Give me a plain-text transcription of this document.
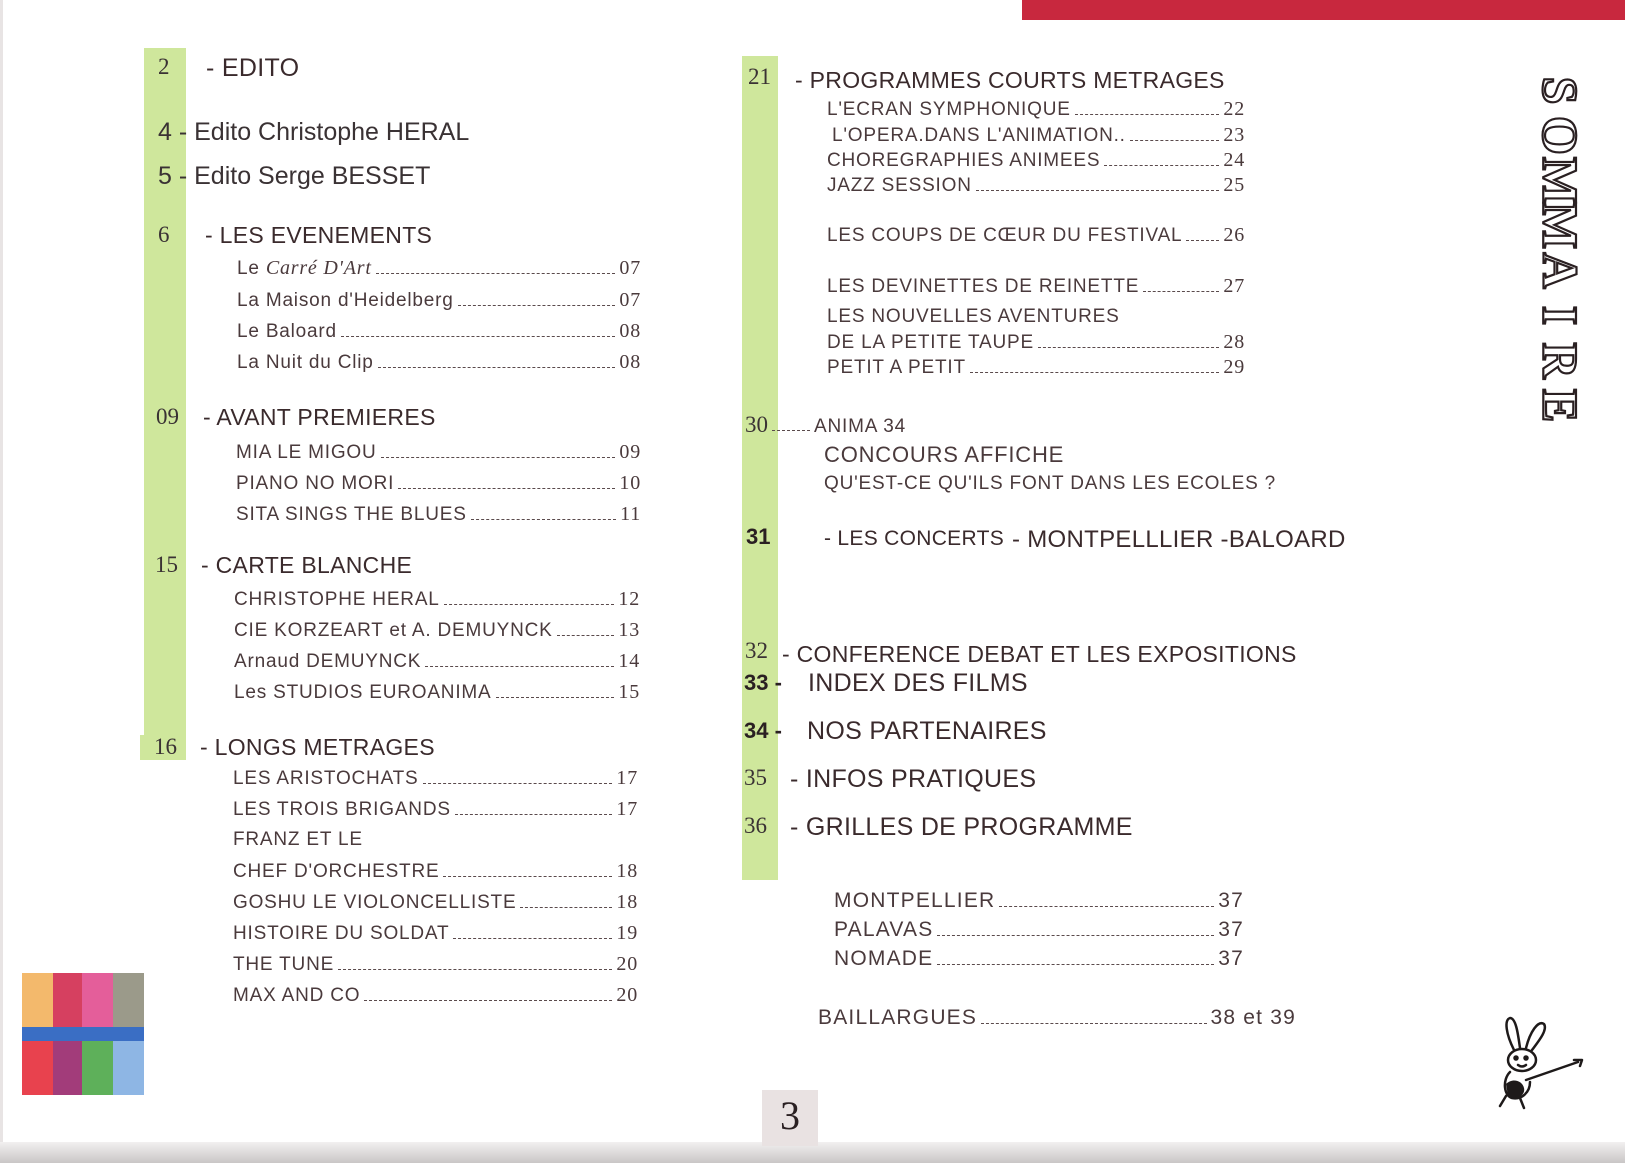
2 - EDITO
4 - Edito Christophe HERAL
5 - Edito Serge BESSET
6 - LES EVENEMENTS
Le Carré D'Art	07
La Maison d'Heidelberg	07
Le Baloard	08
La Nuit du Clip	08
09 - AVANT PREMIERES
MIA LE MIGOU	09
PIANO NO MORI	10
SITA SINGS THE BLUES	11
15 - CARTE BLANCHE
CHRISTOPHE HERAL	12
CIE KORZEART et A. DEMUYNCK	13
Arnaud DEMUYNCK	14
Les STUDIOS EUROANIMA	15
16 - LONGS METRAGES
LES ARISTOCHATS	17
LES TROIS BRIGANDS	17
FRANZ ET LE
CHEF D'ORCHESTRE	18
GOSHU LE VIOLONCELLISTE	18
HISTOIRE DU SOLDAT	19
THE TUNE	20
MAX AND CO	20
21 - PROGRAMMES COURTS METRAGES
L'ECRAN SYMPHONIQUE	22
L'OPERA.DANS L'ANIMATION..	23
CHOREGRAPHIES ANIMEES	24
JAZZ SESSION	25
LES COUPS DE CŒUR DU FESTIVAL 26
LES DEVINETTES DE REINETTE	27
LES NOUVELLES AVENTURES
DE LA PETITE TAUPE	28
PETIT A PETIT	29
30 ANIMA 34
CONCOURS AFFICHE
QU'EST-CE QU'ILS FONT DANS LES ECOLES ?
31	- LES CONCERTS - MONTPELLLIER -BALOARD
32 - CONFERENCE DEBAT ET LES EXPOSITIONS
33 - INDEX DES FILMS
34 - NOS PARTENAIRES
35 - INFOS PRATIQUES
36 - GRILLES DE PROGRAMME
MONTPELLIER	37
PALAVAS	37
NOMADE	37
BAILLARGUES	38 et 39
S
O
M
M
A
I
R
E
3
